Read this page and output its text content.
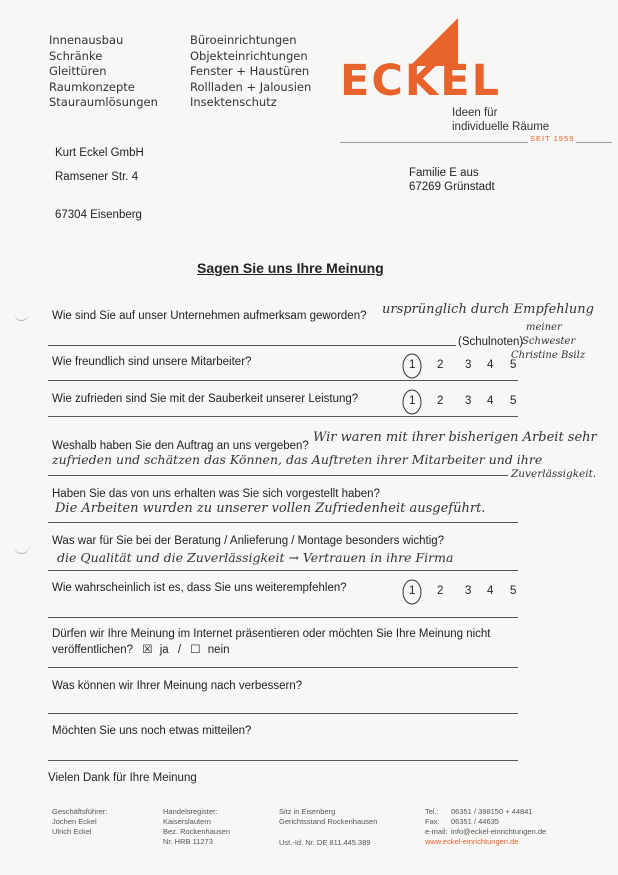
Innenausbau
Schränke
Gleittüren
Raumkonzepte
Stauraumlösungen
Büroeinrichtungen
Objekteinrichtungen
Fenster + Haustüren
Rollladen + Jalousien
Insektenschutz	ECKEL
Ideen für
individuelle Räume
SEIT 1959
Kurt Eckel GmbH
Ramsener Str. 4
67304 Eisenberg
Familie E aus
67269 Grünstadt
Sagen Sie uns Ihre Meinung
Wie sind Sie auf unser Unternehmen aufmerksam geworden? ursprünglich durch Empfehlung
meiner
Schwester
Christine Bsilz
(Schulnoten)
Wie freundlich sind unsere Mitarbeiter?	1 2 3 4 5
Wie zufrieden sind Sie mit der Sauberkeit unserer Leistung?	1 2 3 4 5
Weshalb haben Sie den Auftrag an uns vergeben?
Wir waren mit ihrer bisherigen Arbeit sehr
zufrieden und schätzen das Können, das Auftreten ihrer Mitarbeiter und ihre
Zuverlässigkeit.
Haben Sie das von uns erhalten was Sie sich vorgestellt haben?
Die Arbeiten wurden zu unserer vollen Zufriedenheit ausgeführt.
Was war für Sie bei der Beratung / Anlieferung / Montage besonders wichtig?
die Qualität und die Zuverlässigkeit → Vertrauen in ihre Firma
Wie wahrscheinlich ist es, dass Sie uns weiterempfehlen?	1 2 3 4 5
Dürfen wir Ihre Meinung im Internet präsentieren oder möchten Sie Ihre Meinung nicht
veröffentlichen? ☒ ja / ☐ nein
Was können wir Ihrer Meinung nach verbessern?
Möchten Sie uns noch etwas mitteilen?
Vielen Dank für Ihre Meinung
Geschäftsführer:
Jochen Eckel
Ulrich Eckel
Handelsregister:
Kaiserslautern
Bez. Rockenhausen
Nr. HRB 11273
Sitz in Eisenberg
Gerichtsstand Rockenhausen
Ust.-Id. Nr. DE 811.445.389
Tel.: 06351 / 398150 + 44841
Fax: 06351 / 44635
e-mail: info@eckel-einrichtungen.de
www.eckel-einrichtungen.de
